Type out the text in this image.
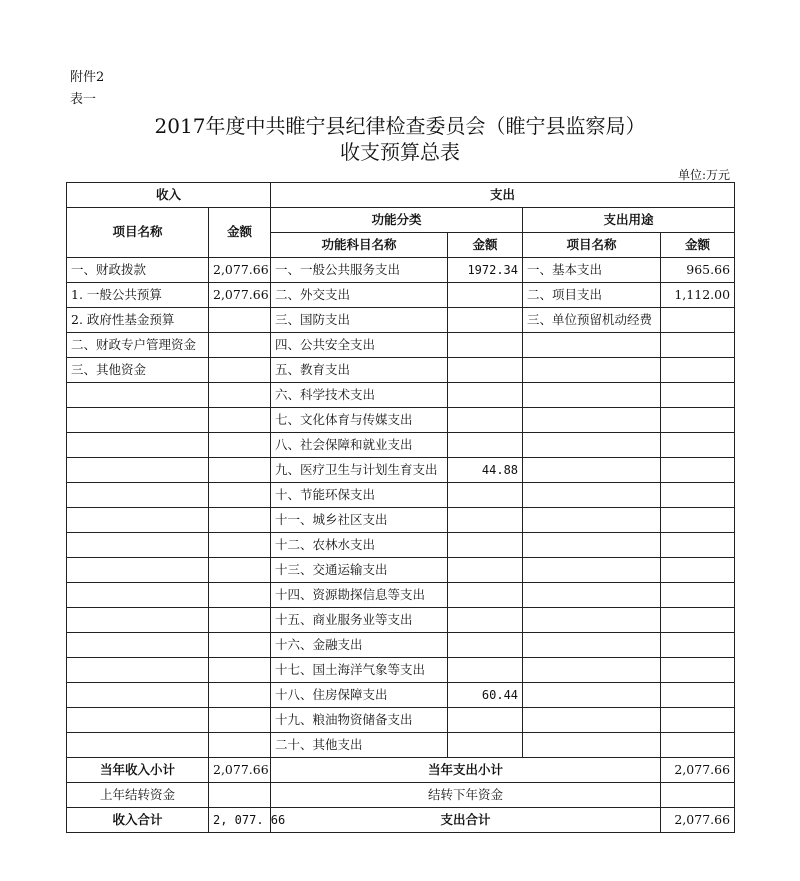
附件2
表一
2017年度中共睢宁县纪律检查委员会（睢宁县监察局）
收支预算总表
单位:万元
收入		支出			
项目名称	金额	功能分类		支出用途	
		功能科目名称	金额	项目名称	金额
一、财政拨款	2,077.66	一、一般公共服务支出	1972.34	一、基本支出	965.66
1. 一般公共预算	2,077.66	二、外交支出		二、项目支出	1,112.00
2. 政府性基金预算		三、国防支出		三、单位预留机动经费	
二、财政专户管理资金		四、公共安全支出			
三、其他资金		五、教育支出			
		六、科学技术支出			
		七、文化体育与传媒支出			
		八、社会保障和就业支出			
		九、医疗卫生与计划生育支出	44.88		
		十、节能环保支出			
		十一、城乡社区支出			
		十二、农林水支出			
		十三、交通运输支出			
		十四、资源勘探信息等支出			
		十五、商业服务业等支出			
		十六、金融支出			
		十七、国土海洋气象等支出			
		十八、住房保障支出	60.44		
		十九、粮油物资储备支出			
		二十、其他支出			
当年收入小计	2,077.66	当年支出小计			2,077.66
上年结转资金		结转下年资金			
收入合计	2, 077. 66	支出合计			2,077.66
